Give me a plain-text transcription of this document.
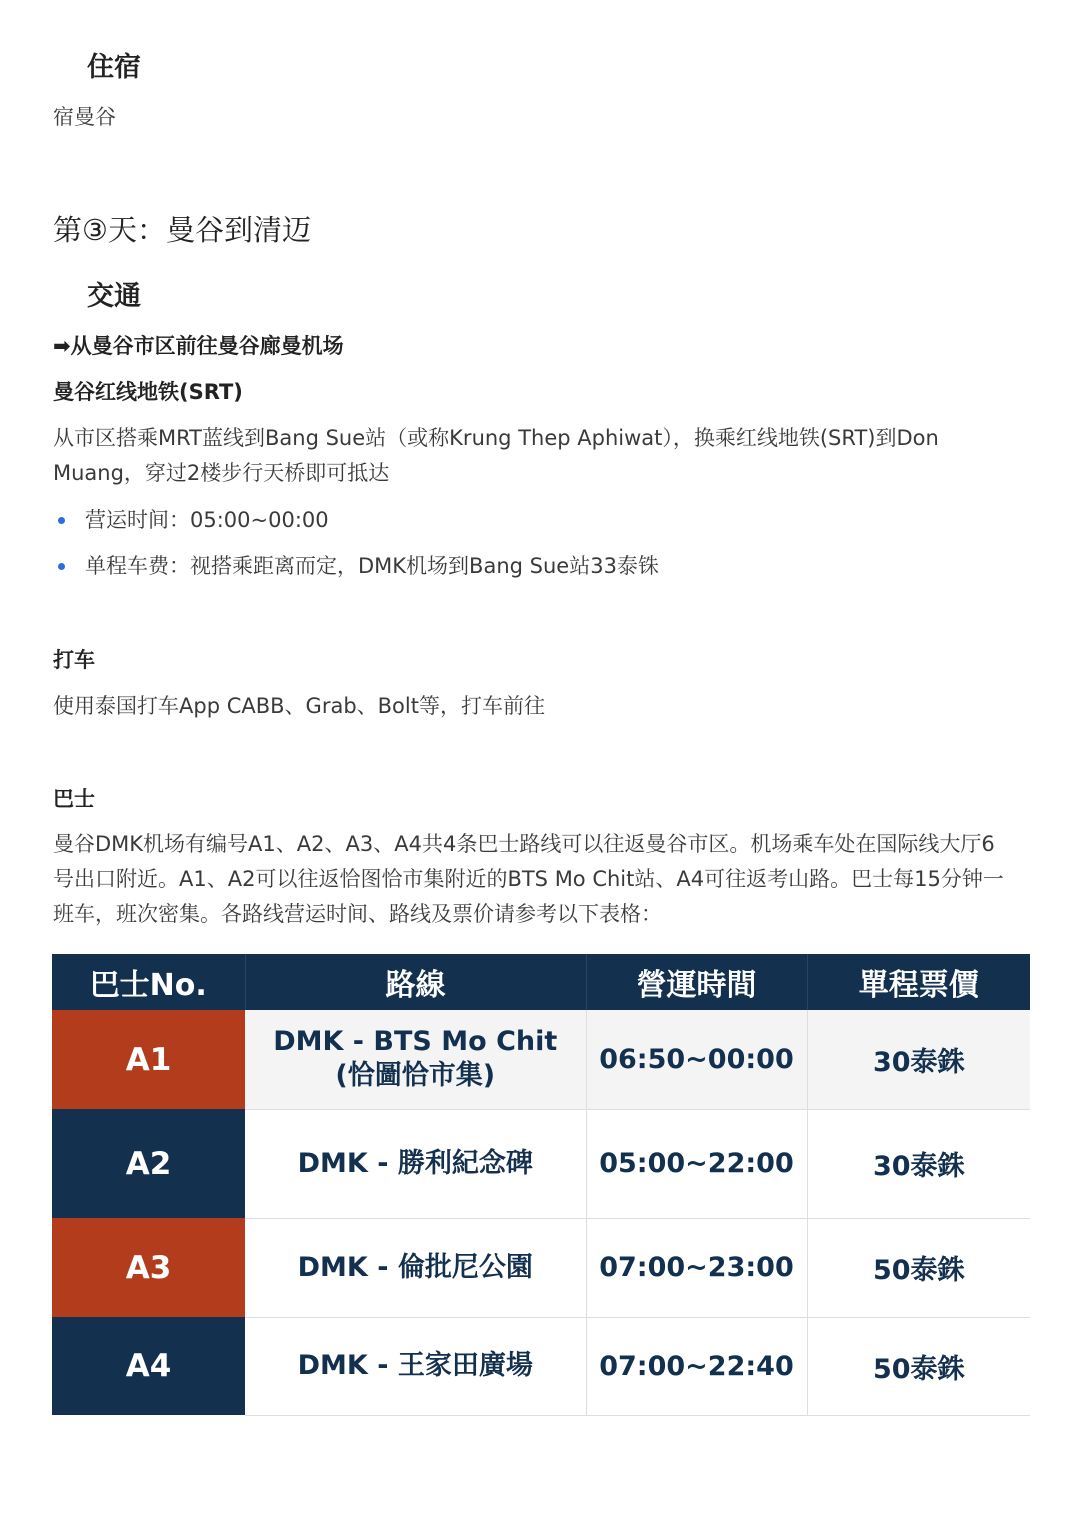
住宿
宿曼谷
第③天：曼谷到清迈
交通
➡从曼谷市区前往曼谷廊曼机场
曼谷红线地铁(SRT)
从市区搭乘MRT蓝线到Bang Sue站（或称Krung Thep Aphiwat），换乘红线地铁(SRT)到Don
Muang，穿过2楼步行天桥即可抵达
营运时间：05:00~00:00
单程车费：视搭乘距离而定，DMK机场到Bang Sue站33泰铢
打车
使用泰国打车App CABB、Grab、Bolt等，打车前往
巴士
曼谷DMK机场有编号A1、A2、A3、A4共4条巴士路线可以往返曼谷市区。机场乘车处在国际线大厅6
号出口附近。A1、A2可以往返恰图恰市集附近的BTS Mo Chit站、A4可往返考山路。巴士每15分钟一
班车，班次密集。各路线营运时间、路线及票价请参考以下表格：
巴士No.	路線	營運時間	單程票價
A1	DMK - BTS Mo Chit
(恰圖恰市集)	06:50~00:00	30泰銖
A2	DMK - 勝利紀念碑	05:00~22:00	30泰銖
A3	DMK - 倫批尼公園	07:00~23:00	50泰銖
A4	DMK - 王家田廣場	07:00~22:40	50泰銖
